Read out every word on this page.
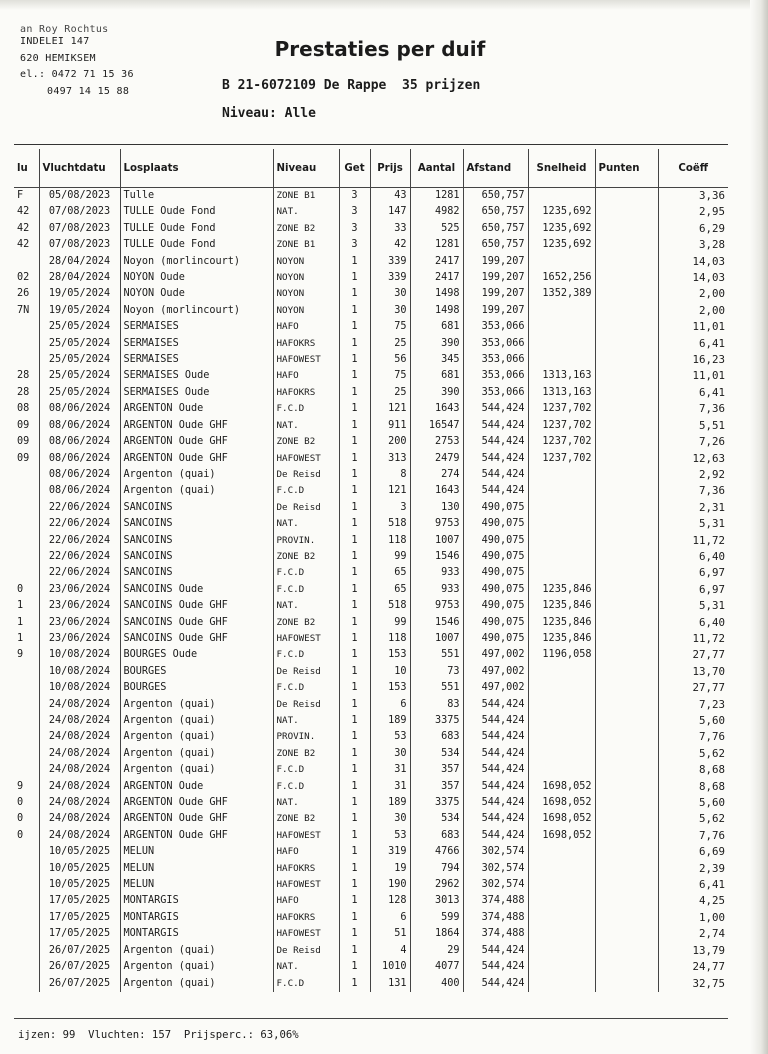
an Roy Rochtus
INDELEI 147
620 HEMIKSEM
el.: 0472 71 15 36
0497 14 15 88
Prestaties per duif
B 21-6072109 De Rappe  35 prijzen
Niveau: Alle
lu	Vluchtdatu	Losplaats	Niveau	Get	Prijs	Aantal	Afstand	Snelheid	Punten	Coëff
F	05/08/2023	Tulle	ZONE B1	3	43	1281	650,757			3,36
42	07/08/2023	TULLE Oude Fond	NAT.	3	147	4982	650,757	1235,692		2,95
42	07/08/2023	TULLE Oude Fond	ZONE B2	3	33	525	650,757	1235,692		6,29
42	07/08/2023	TULLE Oude Fond	ZONE B1	3	42	1281	650,757	1235,692		3,28
	28/04/2024	Noyon (morlincourt)	NOYON	1	339	2417	199,207			14,03
02	28/04/2024	NOYON Oude	NOYON	1	339	2417	199,207	1652,256		14,03
26	19/05/2024	NOYON Oude	NOYON	1	30	1498	199,207	1352,389		2,00
7N	19/05/2024	Noyon (morlincourt)	NOYON	1	30	1498	199,207			2,00
	25/05/2024	SERMAISES	HAFO	1	75	681	353,066			11,01
	25/05/2024	SERMAISES	HAFOKRS	1	25	390	353,066			6,41
	25/05/2024	SERMAISES	HAFOWEST	1	56	345	353,066			16,23
28	25/05/2024	SERMAISES Oude	HAFO	1	75	681	353,066	1313,163		11,01
28	25/05/2024	SERMAISES Oude	HAFOKRS	1	25	390	353,066	1313,163		6,41
08	08/06/2024	ARGENTON Oude	F.C.D	1	121	1643	544,424	1237,702		7,36
09	08/06/2024	ARGENTON Oude GHF	NAT.	1	911	16547	544,424	1237,702		5,51
09	08/06/2024	ARGENTON Oude GHF	ZONE B2	1	200	2753	544,424	1237,702		7,26
09	08/06/2024	ARGENTON Oude GHF	HAFOWEST	1	313	2479	544,424	1237,702		12,63
	08/06/2024	Argenton (quai)	De Reisd	1	8	274	544,424			2,92
	08/06/2024	Argenton (quai)	F.C.D	1	121	1643	544,424			7,36
	22/06/2024	SANCOINS	De Reisd	1	3	130	490,075			2,31
	22/06/2024	SANCOINS	NAT.	1	518	9753	490,075			5,31
	22/06/2024	SANCOINS	PROVIN.	1	118	1007	490,075			11,72
	22/06/2024	SANCOINS	ZONE B2	1	99	1546	490,075			6,40
	22/06/2024	SANCOINS	F.C.D	1	65	933	490,075			6,97
0	23/06/2024	SANCOINS Oude	F.C.D	1	65	933	490,075	1235,846		6,97
1	23/06/2024	SANCOINS Oude GHF	NAT.	1	518	9753	490,075	1235,846		5,31
1	23/06/2024	SANCOINS Oude GHF	ZONE B2	1	99	1546	490,075	1235,846		6,40
1	23/06/2024	SANCOINS Oude GHF	HAFOWEST	1	118	1007	490,075	1235,846		11,72
9	10/08/2024	BOURGES Oude	F.C.D	1	153	551	497,002	1196,058		27,77
	10/08/2024	BOURGES	De Reisd	1	10	73	497,002			13,70
	10/08/2024	BOURGES	F.C.D	1	153	551	497,002			27,77
	24/08/2024	Argenton (quai)	De Reisd	1	6	83	544,424			7,23
	24/08/2024	Argenton (quai)	NAT.	1	189	3375	544,424			5,60
	24/08/2024	Argenton (quai)	PROVIN.	1	53	683	544,424			7,76
	24/08/2024	Argenton (quai)	ZONE B2	1	30	534	544,424			5,62
	24/08/2024	Argenton (quai)	F.C.D	1	31	357	544,424			8,68
9	24/08/2024	ARGENTON Oude	F.C.D	1	31	357	544,424	1698,052		8,68
0	24/08/2024	ARGENTON Oude GHF	NAT.	1	189	3375	544,424	1698,052		5,60
0	24/08/2024	ARGENTON Oude GHF	ZONE B2	1	30	534	544,424	1698,052		5,62
0	24/08/2024	ARGENTON Oude GHF	HAFOWEST	1	53	683	544,424	1698,052		7,76
	10/05/2025	MELUN	HAFO	1	319	4766	302,574			6,69
	10/05/2025	MELUN	HAFOKRS	1	19	794	302,574			2,39
	10/05/2025	MELUN	HAFOWEST	1	190	2962	302,574			6,41
	17/05/2025	MONTARGIS	HAFO	1	128	3013	374,488			4,25
	17/05/2025	MONTARGIS	HAFOKRS	1	6	599	374,488			1,00
	17/05/2025	MONTARGIS	HAFOWEST	1	51	1864	374,488			2,74
	26/07/2025	Argenton (quai)	De Reisd	1	4	29	544,424			13,79
	26/07/2025	Argenton (quai)	NAT.	1	1010	4077	544,424			24,77
	26/07/2025	Argenton (quai)	F.C.D	1	131	400	544,424			32,75
ijzen: 99  Vluchten: 157  Prijsperc.: 63,06%
